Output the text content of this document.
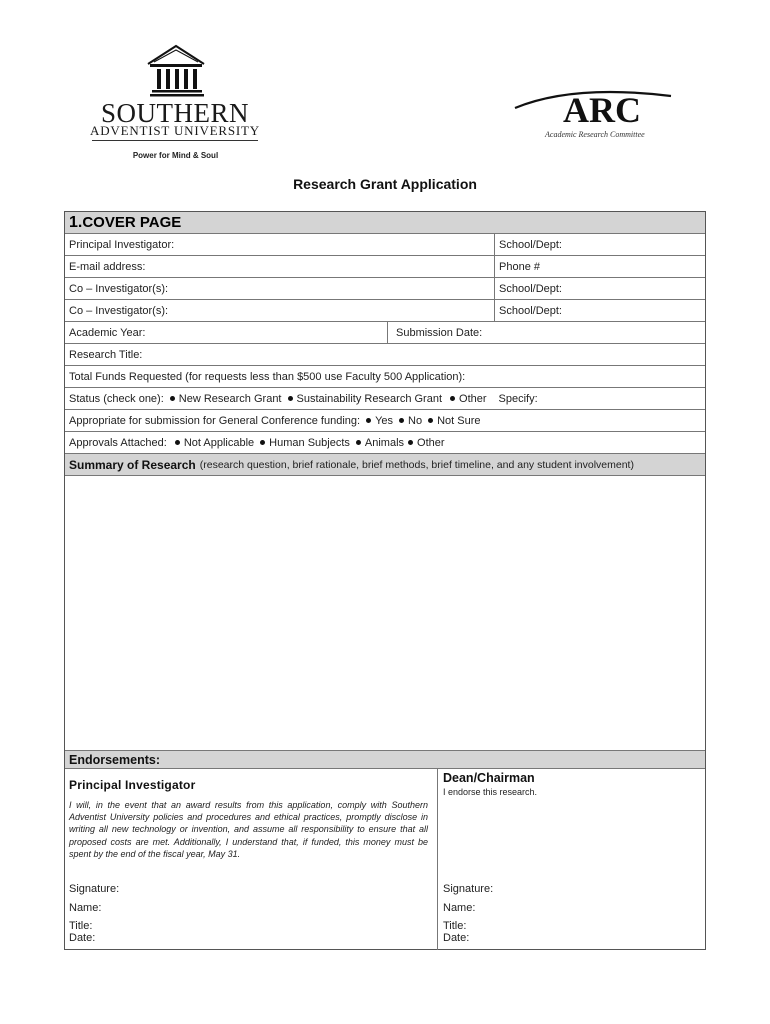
SOUTHERN
ADVENTIST UNIVERSITY
Power for Mind & Soul
ARC
Academic Research Committee
Research Grant Application
1. COVER PAGE
Principal Investigator:	School/Dept:
E-mail address:	Phone #
Co – Investigator(s):	School/Dept:
Co – Investigator(s):	School/Dept:
Academic Year:	Submission Date:
Research Title:
Total Funds Requested (for requests less than $500 use Faculty 500 Application):
Status (check one): New Research Grant Sustainability Research Grant Other Specify:
Appropriate for submission for General Conference funding: Yes No Not Sure
Approvals Attached: Not Applicable Human Subjects Animals Other
Summary of Research (research question, brief rationale, brief methods, brief timeline, and any student involvement)
Endorsements:
Principal Investigator
I will, in the event that an award results from this application, comply with Southern Adventist University policies and procedures and ethical practices, promptly disclose in writing all new technology or invention, and assume all responsibility to ensure that all proposed costs are met. Additionally, I understand that, if funded, this money must be spent by the end of the fiscal year, May 31.
Signature:
Name:
Title:
Date:
Dean/Chairman
I endorse this research.
Signature:
Name:
Title:
Date:
